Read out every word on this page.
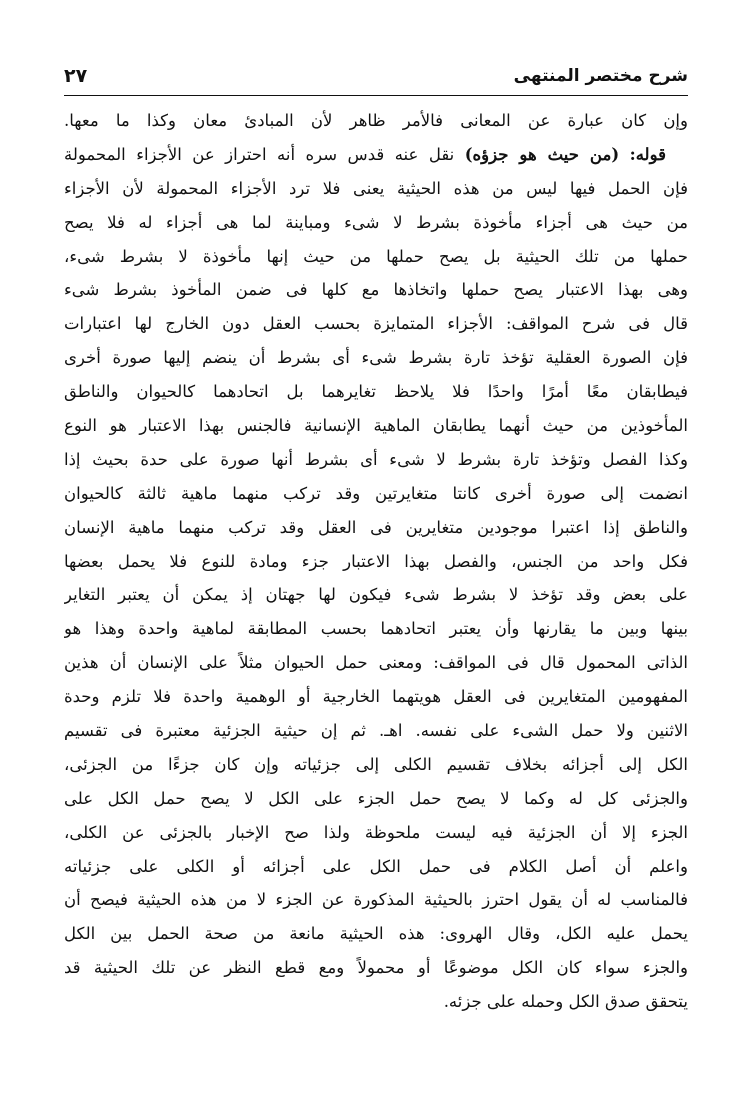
شرح مختصر المنتهى
٢٧
وإن كان عبارة عن المعانى فالأمر ظاهر لأن المبادئ معان وكذا ما معها.
قوله: (من حيث هو جزؤه) نقل عنه قدس سره أنه احتراز عن الأجزاء المحمولة
فإن الحمل فيها ليس من هذه الحيثية يعنى فلا ترد الأجزاء المحمولة لأن الأجزاء
من حيث هى أجزاء مأخوذة بشرط لا شىء ومباينة لما هى أجزاء له فلا يصح
حملها من تلك الحيثية بل يصح حملها من حيث إنها مأخوذة لا بشرط شىء،
وهى بهذا الاعتبار يصح حملها واتخاذها مع كلها فى ضمن المأخوذ بشرط شىء
قال فى شرح المواقف: الأجزاء المتمايزة بحسب العقل دون الخارج لها اعتبارات
فإن الصورة العقلية تؤخذ تارة بشرط شىء أى بشرط أن ينضم إليها صورة أخرى
فيطابقان معًا أمرًا واحدًا فلا يلاحظ تغايرهما بل اتحادهما كالحيوان والناطق
المأخوذين من حيث أنهما يطابقان الماهية الإنسانية فالجنس بهذا الاعتبار هو النوع
وكذا الفصل وتؤخذ تارة بشرط لا شىء أى بشرط أنها صورة على حدة بحيث إذا
انضمت إلى صورة أخرى كانتا متغايرتين وقد تركب منهما ماهية ثالثة كالحيوان
والناطق إذا اعتبرا موجودين متغايرين فى العقل وقد تركب منهما ماهية الإنسان
فكل واحد من الجنس، والفصل بهذا الاعتبار جزء ومادة للنوع فلا يحمل بعضها
على بعض وقد تؤخذ لا بشرط شىء فيكون لها جهتان إذ يمكن أن يعتبر التغاير
بينها وبين ما يقارنها وأن يعتبر اتحادهما بحسب المطابقة لماهية واحدة وهذا هو
الذاتى المحمول قال فى المواقف: ومعنى حمل الحيوان مثلاً على الإنسان أن هذين
المفهومين المتغايرين فى العقل هويتهما الخارجية أو الوهمية واحدة فلا تلزم وحدة
الاثنين ولا حمل الشىء على نفسه. اهـ. ثم إن حيثية الجزئية معتبرة فى تقسيم
الكل إلى أجزائه بخلاف تقسيم الكلى إلى جزئياته وإن كان جزءًا من الجزئى،
والجزئى كل له وكما لا يصح حمل الجزء على الكل لا يصح حمل الكل على
الجزء إلا أن الجزئية فيه ليست ملحوظة ولذا صح الإخبار بالجزئى عن الكلى،
واعلم أن أصل الكلام فى حمل الكل على أجزائه أو الكلى على جزئياته
فالمناسب له أن يقول احترز بالحيثية المذكورة عن الجزء لا من هذه الحيثية فيصح أن
يحمل عليه الكل، وقال الهروى: هذه الحيثية مانعة من صحة الحمل بين الكل
والجزء سواء كان الكل موضوعًا أو محمولاً ومع قطع النظر عن تلك الحيثية قد
يتحقق صدق الكل وحمله على جزئه.
